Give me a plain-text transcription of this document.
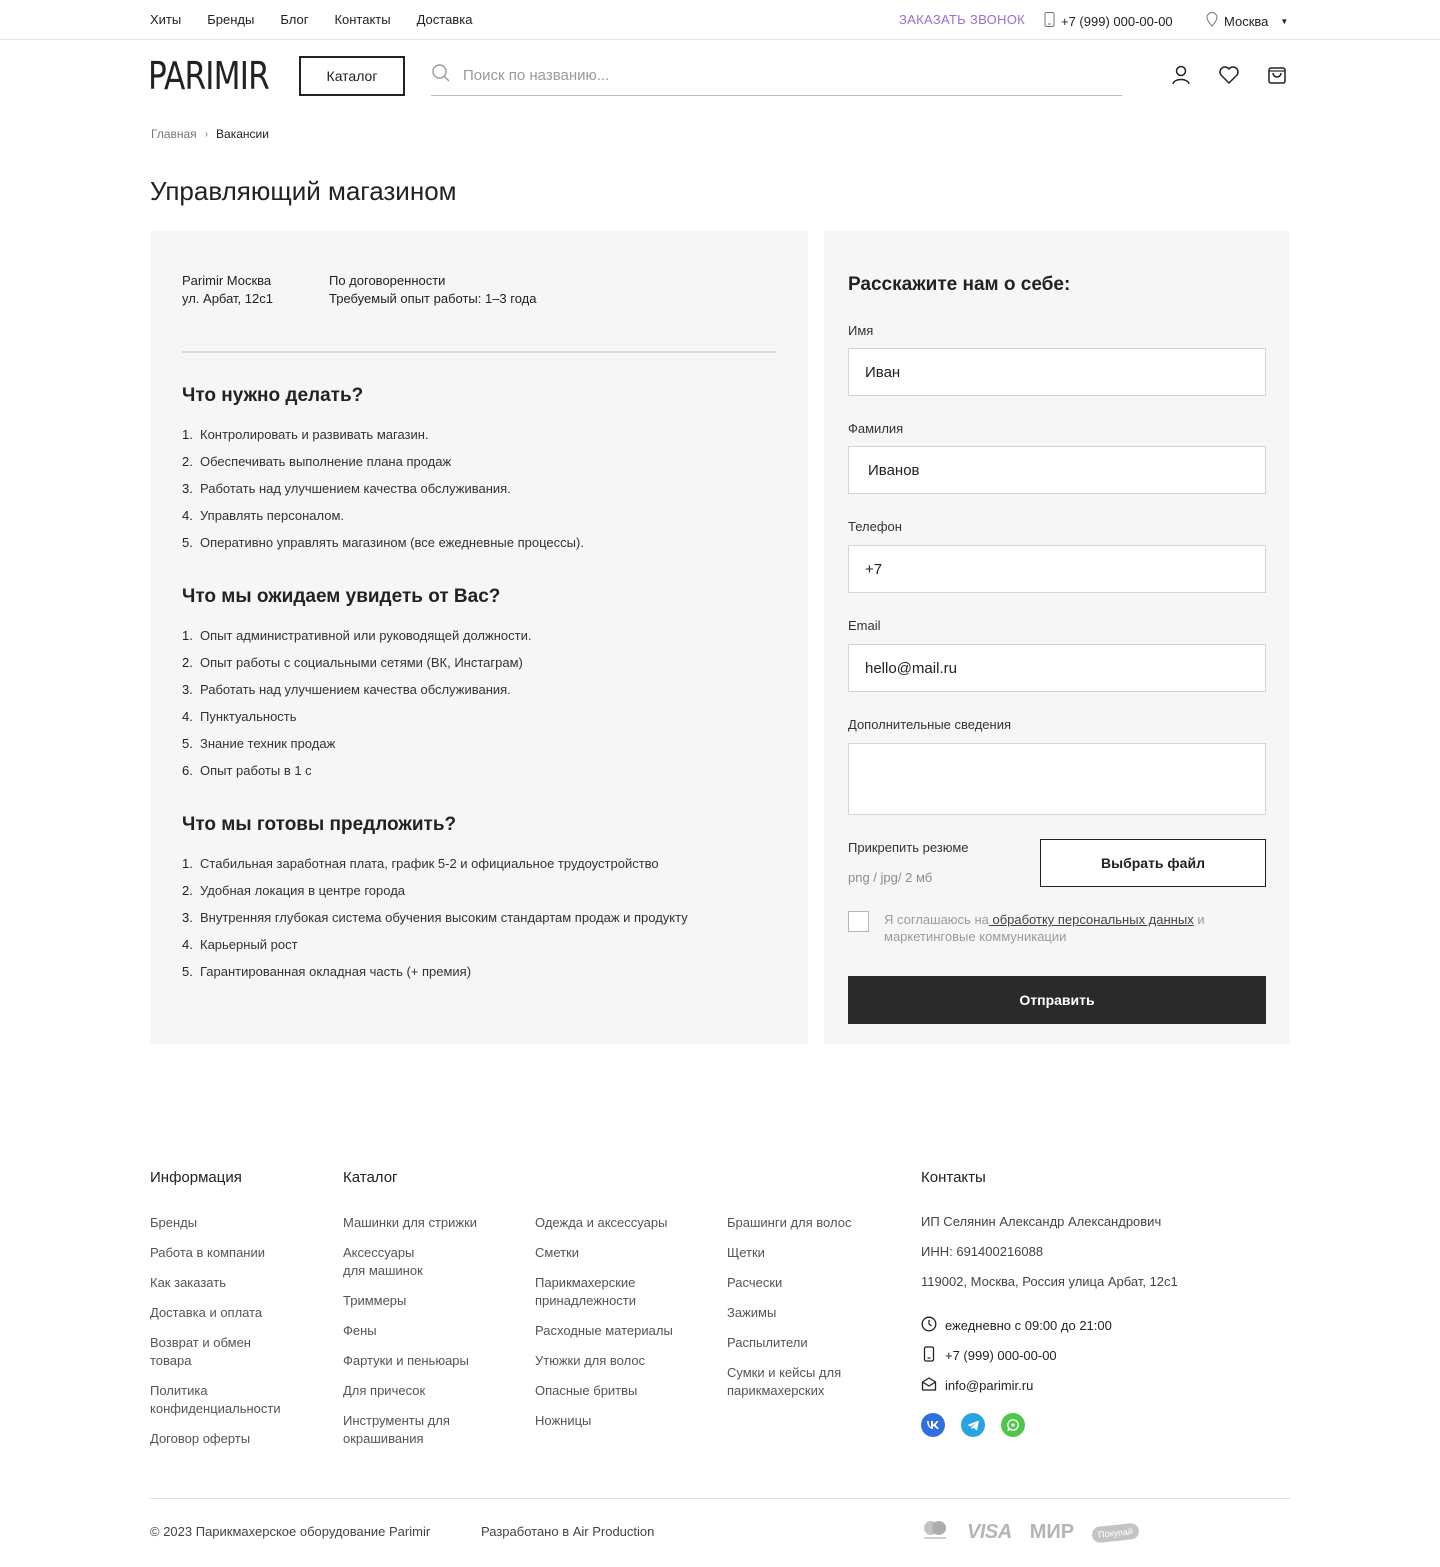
Хиты Бренды Блог Контакты Доставка	ЗАКАЗАТЬ ЗВОНОК	+7 (999) 000-00-00	Москва ▼
PARIMIR	Каталог
Поиск по названию...
Главная › Вакансии
Управляющий магазином
Parimir Москва
ул. Арбат, 12с1
По договоренности
Требуемый опыт работы: 1–3 года
Что нужно делать?
1. Контролировать и развивать магазин.
2. Обеспечивать выполнение плана продаж
3. Работать над улучшением качества обслуживания.
4. Управлять персоналом.
5. Оперативно управлять магазином (все ежедневные процессы).
Что мы ожидаем увидеть от Вас?
1. Опыт административной или руководящей должности.
2. Опыт работы с социальными сетями (ВК, Инстаграм)
3. Работать над улучшением качества обслуживания.
4. Пунктуальность
5. Знание техник продаж
6. Опыт работы в 1 с
Что мы готовы предложить?
1. Стабильная заработная плата, график 5-2 и официальное трудоустройство
2. Удобная локация в центре города
3. Внутренняя глубокая система обучения высоким стандартам продаж и продукту
4. Карьерный рост
5. Гарантированная окладная часть (+ премия)
Расскажите нам о себе:
Имя
Иван
Фамилия
Иванов
Телефон
+7
Email
hello@mail.ru
Дополнительные сведения
Прикрепить резюме
png / jpg/ 2 мб
Выбрать файл
Я соглашаюсь на обработку персональных данных и маркетинговые коммуникации
Отправить
Информация
Бренды
Работа в компании
Как заказать
Доставка и оплата
Возврат и обмен товара
Политика конфиденциальности
Договор оферты
Каталог
Машинки для стрижки
Аксессуары для машинок
Триммеры
Фены
Фартуки и пеньюары
Для причесок
Инструменты для окрашивания
Одежда и аксессуары
Сметки
Парикмахерские принадлежности
Расходные материалы
Утюжки для волос
Опасные бритвы
Ножницы
Брашинги для волос
Щетки
Расчески
Зажимы
Распылители
Сумки и кейсы для парикмахерских
Контакты
ИП Селянин Александр Александрович
ИНН: 691400216088
119002, Москва, Россия улица Арбат, 12с1
ежедневно с 09:00 до 21:00
+7 (999) 000-00-00
info@parimir.ru
© 2023 Парикмахерское оборудование Parimir	Разработано в Air Production	VISA МИР	Покупай
